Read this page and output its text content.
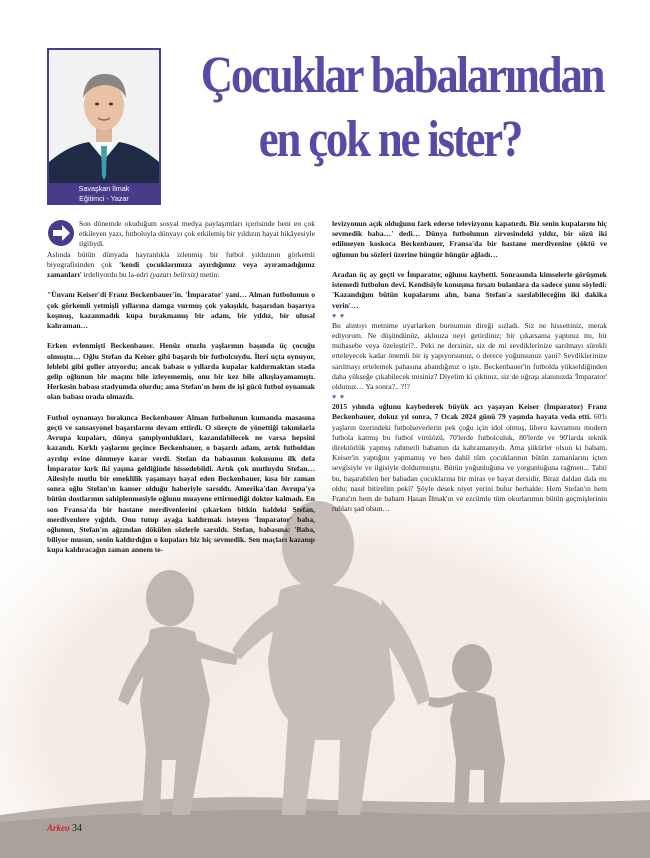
Savaşkan İlmak
Eğitimci - Yazar
Çocuklar babalarından
en çok ne ister?

Son dönemde okuduğum sosyal medya paylaşımları içerisinde beni en çok etkileyen yazı, futboluyla dünyayı çok etkilemiş bir yıldızın hayat hikâyesiyle ilgiliydi.

Aslında bütün dünyada hayranlıkla izlenmiş bir futbol yıldızının görkemli biyografisinden çok 'kendi çocuklarımıza ayırdığımız veya ayıramadığımız zamanları' irdeliyordu bu la-edri (yazarı belirsiz) metin:

"Ünvanı Keiser'di Franz Beckenbauer'in. 'İmparator' yani… Alman futbolunun o çok görkemli yetmişli yıllarına damga vurmuş çok yakışıklı, başarıdan başarıya koşmuş, kazanmadık kupa bırakmamış bir adam, bir yıldız, bir ulusal kahraman…

Erken evlenmişti Beckenbauer. Henüz otuzlu yaşlarının başında üç çocuğu olmuştu… Oğlu Stefan da Keiser gibi başarılı bir futbolcuydu. İleri uçta oynuyor, leblebi gibi goller atıyordu; ancak babası o yıllarda kupalar kaldırmaktan stada gelip oğlunun bir maçını bile izleyememiş, onu bir kez bile alkışlayamamıştı. Herkesin babası stadyumda olurdu; ama Stefan'ın hem de işi gücü futbol oynamak olan babası orada olmazdı.

Futbol oynamayı bırakınca Beckenbauer Alman futbolunun kumanda masasına geçti ve sansasyonel başarılarını devam ettirdi. O süreçte de yönettiği takımlarla Avrupa kupaları, dünya şampiyonlukları, kazanılabilecek ne varsa hepsini kazandı. Kırklı yaşlarını geçince Beckenbauer, o başarılı adam, artık futboldan ayrılıp evine dönmeye karar verdi. Stefan da babasının kokusunu ilk defa İmparator kırk iki yaşına geldiğinde hissedebildi. Artık çok mutluydu Stefan… Ailesiyle mutlu bir emeklilik yaşamayı hayal eden Beckenbauer, kısa bir zaman sonra oğlu Stefan'ın kanser olduğu haberiyle sarsıldı. Amerika'dan Avrupa'ya bütün dostlarının sahiplenmesiyle oğlunu muayene ettirmediği doktor kalmadı. En son Fransa'da bir hastane merdivenlerini çıkarken bitkin haldeki Stefan, merdivenlere yığıldı. Onu tutup ayağa kaldırmak isteyen 'İmparator' baba, oğlunun, Stefan'ın ağzından dökülen sözlerle sarsıldı. Stefan, babasına: 'Baba, biliyor musun, senin kaldırdığın o kupaları biz hiç sevmedik. Sen maçları kazanıp kupa kaldıracağın zaman annem te-

levizyonun açık olduğunu fark ederse televizyonu kapatırdı. Biz senin kupalarını hiç sevmedik baba…' dedi… Dünya futbolunun zirvesindeki yıldız, bir sözü iki edilmeyen koskoca Beckenbauer, Fransa'da bir hastane merdivenine çöktü ve oğlunun bu sözleri üzerine hüngür hüngür ağladı…

Aradan üç ay geçti ve İmparator, oğlunu kaybetti. Sonrasında kimselerle görüşmek istemedi futbolun devi. Kendisiyle konuşma fırsatı bulanlara da sadece şunu söyledi: 'Kazandığım bütün kupalarımı alın, bana Stefan'a sarılabileceğim iki dakika verin'…

♥ ♥

Bu alıntıyı metnime uyarlarken burnumun direği sızladı. Siz ne hissettiniz, merak ediyorum. Ne düşündünüz, aklınıza neyi getirdiniz; bir çıkarsama yaptınız mı, bir muhasebe veya özeleştiri?.. Peki ne dersiniz, siz de mi sevdiklerinize sarılmayı sürekli erteleyecek kadar önemli bir iş yapıyorsunuz, o derece yoğunsunuz yani? Sevdiklerinize sarılmayı ertelemek pahasına abandığınız o işte, Beckenbauer'in futbolda yükseldiğinden daha yükseğe çıkabilecek misiniz? Diyelim ki çıktınız, siz de uğraşı alanınızda 'İmparator' oldunuz… Ya sonra?.. ?!?

♥ ♥

2015 yılında oğlunu kaybederek büyük acı yaşayan Keiser (İmparator) Franz Beckenbauer, dokuz yıl sonra, 7 Ocak 2024 günü 79 yaşında hayata veda etti. 60'lı yaşların üzerindeki futbolseverlerin pek çoğu için idol olmuş, libero kavramını modern futbola katmış bu futbol virtüözü, 70'lerde futbolculuk, 80'lerde ve 90'larda teknik direktörlük yapmış rahmetli babamın da kahramanıydı. Ama şükürler olsun ki babam, Keiser'in yaptığını yapmamış ve ben dahil tüm çocuklarının bütün zamanlarını içten sevgisiyle ve ilgisiyle doldurmuştu. Bütün yoğunluğuna ve yorgunluğuna rağmen... Tabii bu, başarabilen her babadan çocuklarına bir miras ve hayat dersidir. Biraz daldan dala mı oldu; nasıl bitirelim peki? Şöyle desek niyet yerini bulur herhalde: Hem Stefan'ın hem Franz'ın hem de babam Hasan İlmak'ın ve ezcümle tüm okurlarımın bütün geçmişlerinin ruhları şad olsun…

Arkeo 34
